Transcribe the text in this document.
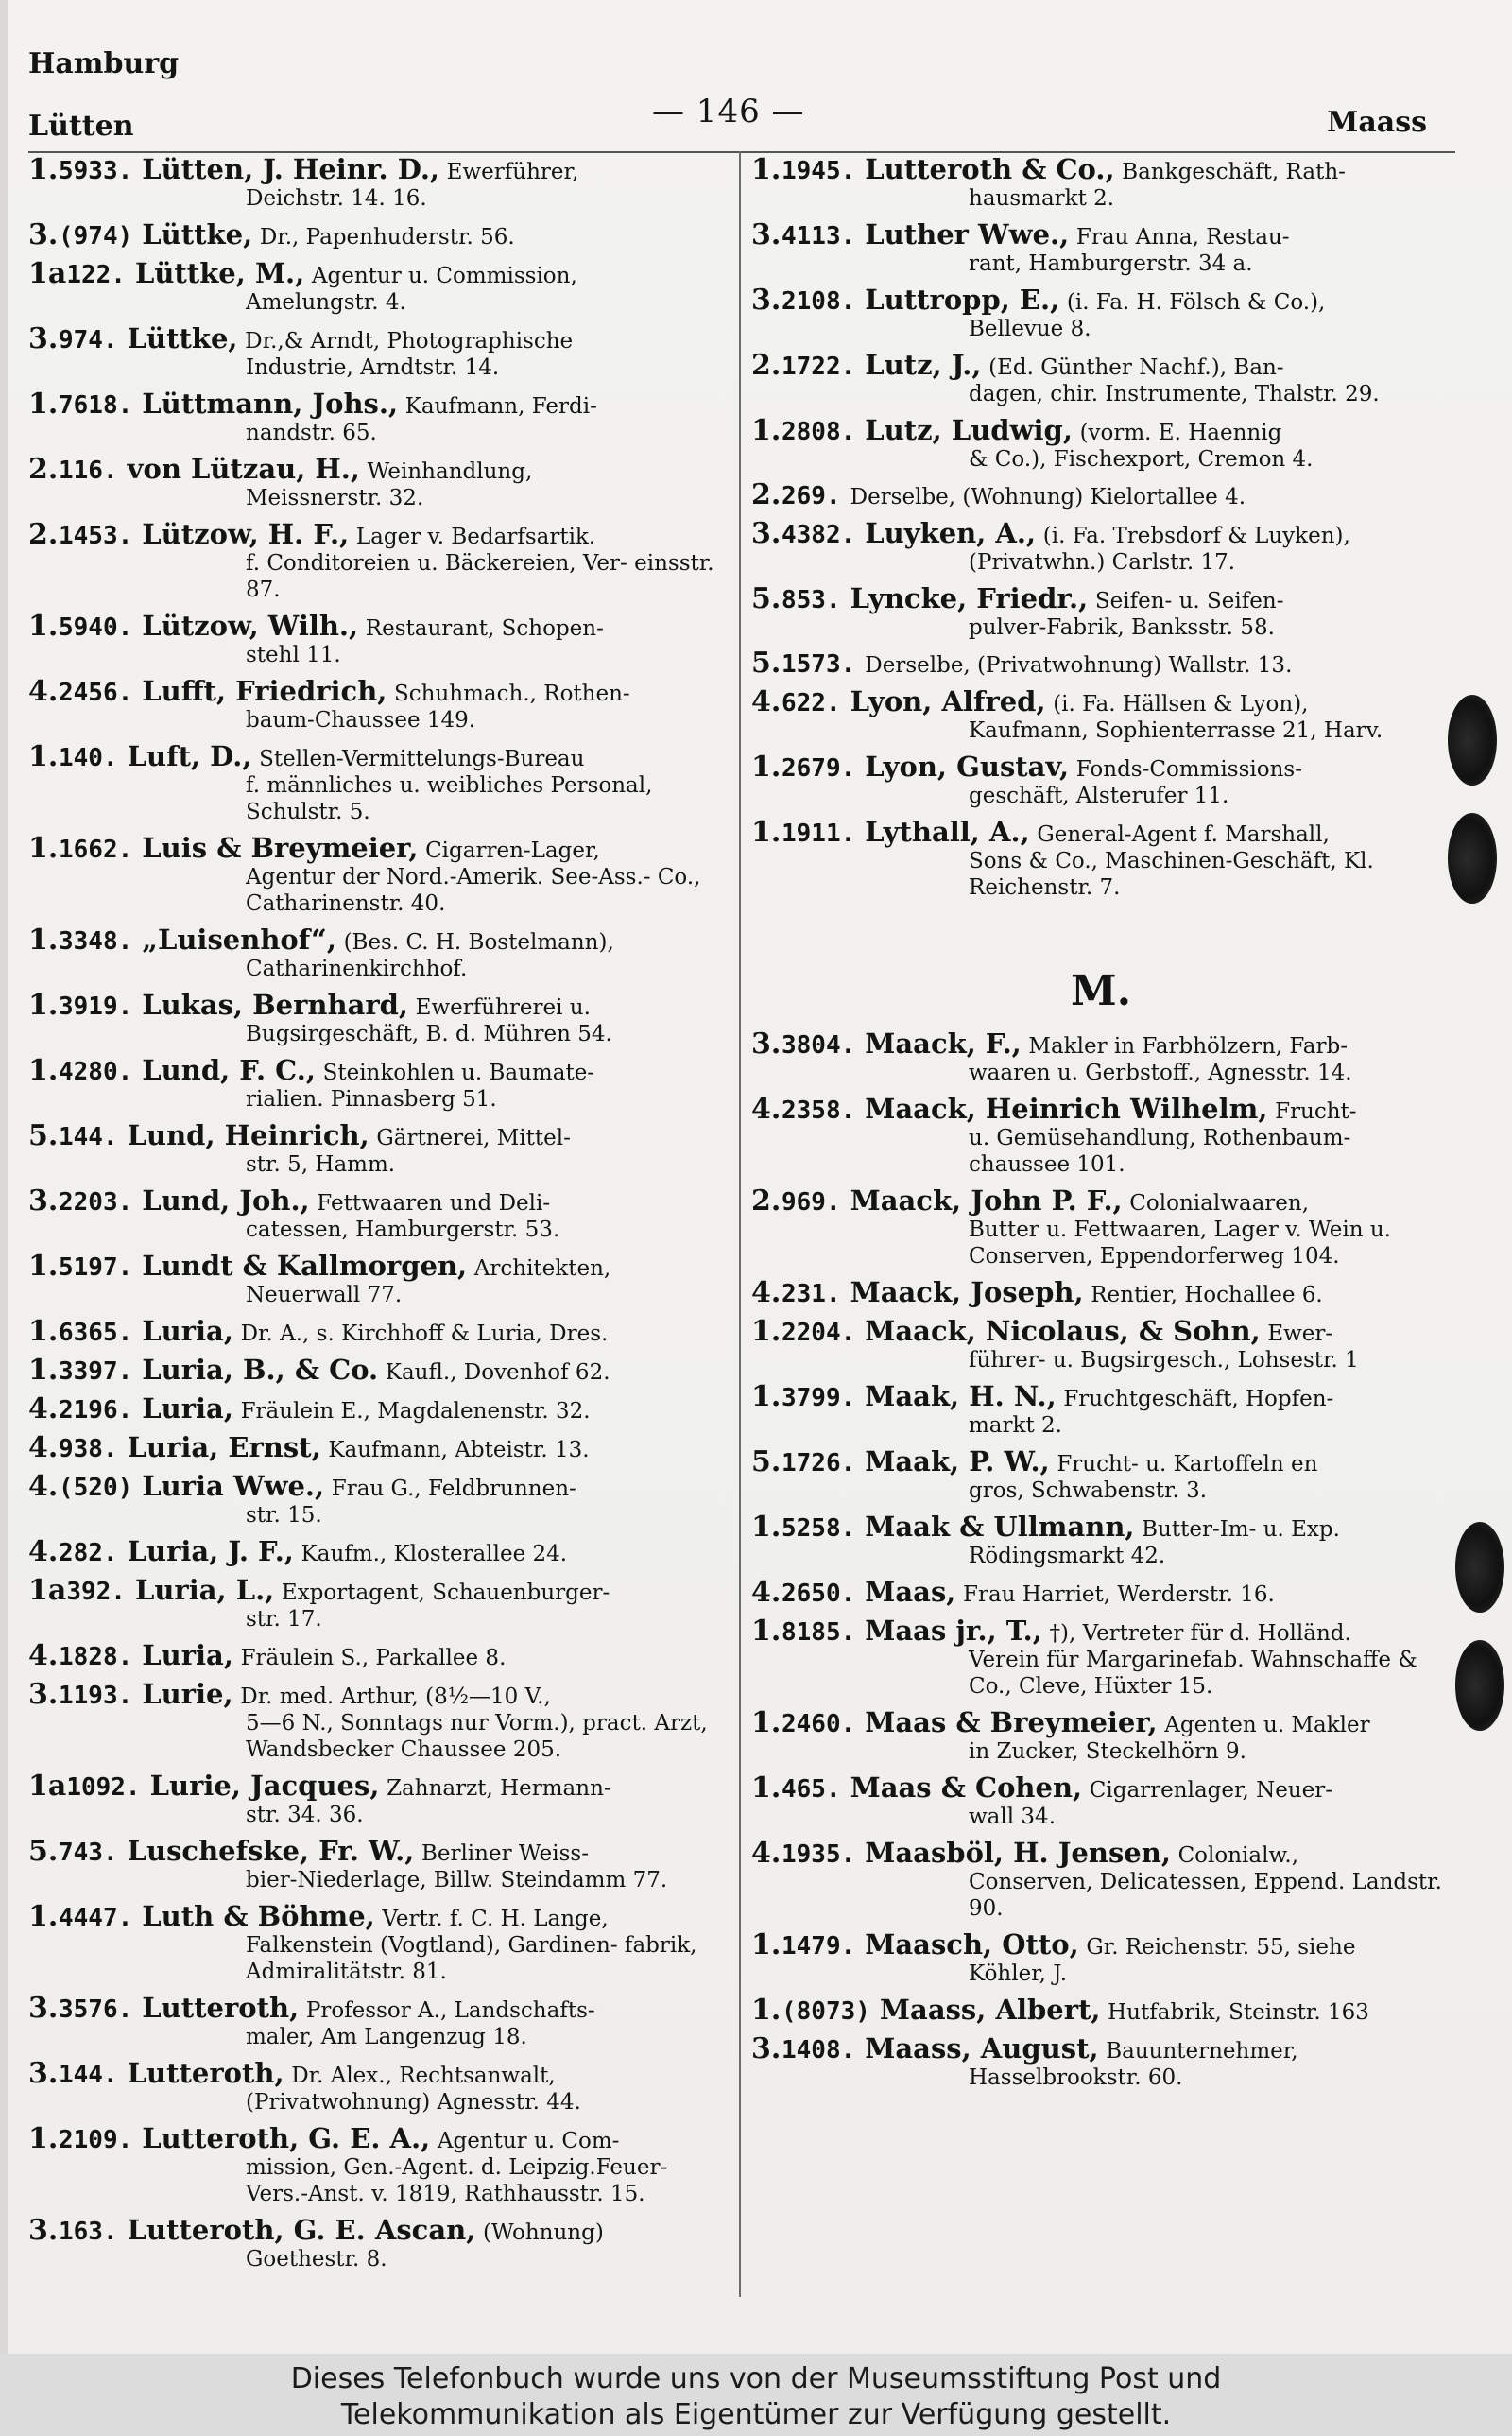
Hamburg
Lütten	— 146 —	Maass
1.5933. Lütten, J. Heinr. D., Ewerführer,
Deichstr. 14. 16.
3.(974) Lüttke, Dr., Papenhuderstr. 56.
1a122. Lüttke, M., Agentur u. Commission,
Amelungstr. 4.
3.974. Lüttke, Dr.,& Arndt, Photographische
Industrie, Arndtstr. 14.
1.7618. Lüttmann, Johs., Kaufmann, Ferdi-
nandstr. 65.
2.116. von Lützau, H., Weinhandlung,
Meissnerstr. 32.
2.1453. Lützow, H. F., Lager v. Bedarfsartik.
f. Conditoreien u. Bäckereien, Ver- einsstr. 87.
1.5940. Lützow, Wilh., Restaurant, Schopen-
stehl 11.
4.2456. Lufft, Friedrich, Schuhmach., Rothen-
baum-Chaussee 149.
1.140. Luft, D., Stellen-Vermittelungs-Bureau
f. männliches u. weibliches Personal, Schulstr. 5.
1.1662. Luis & Breymeier, Cigarren-Lager,
Agentur der Nord.-Amerik. See-Ass.- Co., Catharinenstr. 40.
1.3348. „Luisenhof“, (Bes. C. H. Bostelmann),
Catharinenkirchhof.
1.3919. Lukas, Bernhard, Ewerführerei u.
Bugsirgeschäft, B. d. Mühren 54.
1.4280. Lund, F. C., Steinkohlen u. Baumate-
rialien. Pinnasberg 51.
5.144. Lund, Heinrich, Gärtnerei, Mittel-
str. 5, Hamm.
3.2203. Lund, Joh., Fettwaaren und Deli-
catessen, Hamburgerstr. 53.
1.5197. Lundt & Kallmorgen, Architekten,
Neuerwall 77.
1.6365. Luria, Dr. A., s. Kirchhoff & Luria, Dres.
1.3397. Luria, B., & Co. Kaufl., Dovenhof 62.
4.2196. Luria, Fräulein E., Magdalenenstr. 32.
4.938. Luria, Ernst, Kaufmann, Abteistr. 13.
4.(520) Luria Wwe., Frau G., Feldbrunnen-
str. 15.
4.282. Luria, J. F., Kaufm., Klosterallee 24.
1a392. Luria, L., Exportagent, Schauenburger-
str. 17.
4.1828. Luria, Fräulein S., Parkallee 8.
3.1193. Lurie, Dr. med. Arthur, (8½—10 V.,
5—6 N., Sonntags nur Vorm.), pract. Arzt, Wandsbecker Chaussee 205.
1a1092. Lurie, Jacques, Zahnarzt, Hermann-
str. 34. 36.
5.743. Luschefske, Fr. W., Berliner Weiss-
bier-Niederlage, Billw. Steindamm 77.
1.4447. Luth & Böhme, Vertr. f. C. H. Lange,
Falkenstein (Vogtland), Gardinen- fabrik, Admiralitätstr. 81.
3.3576. Lutteroth, Professor A., Landschafts-
maler, Am Langenzug 18.
3.144. Lutteroth, Dr. Alex., Rechtsanwalt,
(Privatwohnung) Agnesstr. 44.
1.2109. Lutteroth, G. E. A., Agentur u. Com-
mission, Gen.-Agent. d. Leipzig.Feuer- Vers.-Anst. v. 1819, Rathhausstr. 15.
3.163. Lutteroth, G. E. Ascan, (Wohnung)
Goethestr. 8.
1.1945. Lutteroth & Co., Bankgeschäft, Rath-
hausmarkt 2.
3.4113. Luther Wwe., Frau Anna, Restau-
rant, Hamburgerstr. 34 a.
3.2108. Luttropp, E., (i. Fa. H. Fölsch & Co.),
Bellevue 8.
2.1722. Lutz, J., (Ed. Günther Nachf.), Ban-
dagen, chir. Instrumente, Thalstr. 29.
1.2808. Lutz, Ludwig, (vorm. E. Haennig
& Co.), Fischexport, Cremon 4.
2.269. Derselbe, (Wohnung) Kielortallee 4.
3.4382. Luyken, A., (i. Fa. Trebsdorf & Luyken),
(Privatwhn.) Carlstr. 17.
5.853. Lyncke, Friedr., Seifen- u. Seifen-
pulver-Fabrik, Banksstr. 58.
5.1573. Derselbe, (Privatwohnung) Wallstr. 13.
4.622. Lyon, Alfred, (i. Fa. Hällsen & Lyon),
Kaufmann, Sophienterrasse 21, Harv.
1.2679. Lyon, Gustav, Fonds-Commissions-
geschäft, Alsterufer 11.
1.1911. Lythall, A., General-Agent f. Marshall,
Sons & Co., Maschinen-Geschäft, Kl. Reichenstr. 7.
M.
3.3804. Maack, F., Makler in Farbhölzern, Farb-
waaren u. Gerbstoff., Agnesstr. 14.
4.2358. Maack, Heinrich Wilhelm, Frucht-
u. Gemüsehandlung, Rothenbaum- chaussee 101.
2.969. Maack, John P. F., Colonialwaaren,
Butter u. Fettwaaren, Lager v. Wein u. Conserven, Eppendorferweg 104.
4.231. Maack, Joseph, Rentier, Hochallee 6.
1.2204. Maack, Nicolaus, & Sohn, Ewer-
führer- u. Bugsirgesch., Lohsestr. 1
1.3799. Maak, H. N., Fruchtgeschäft, Hopfen-
markt 2.
5.1726. Maak, P. W., Frucht- u. Kartoffeln en
gros, Schwabenstr. 3.
1.5258. Maak & Ullmann, Butter-Im- u. Exp.
Rödingsmarkt 42.
4.2650. Maas, Frau Harriet, Werderstr. 16.
1.8185. Maas jr., T., †), Vertreter für d. Holländ.
Verein für Margarinefab. Wahnschaffe & Co., Cleve, Hüxter 15.
1.2460. Maas & Breymeier, Agenten u. Makler
in Zucker, Steckelhörn 9.
1.465. Maas & Cohen, Cigarrenlager, Neuer-
wall 34.
4.1935. Maasböl, H. Jensen, Colonialw.,
Conserven, Delicatessen, Eppend. Landstr. 90.
1.1479. Maasch, Otto, Gr. Reichenstr. 55, siehe
Köhler, J.
1.(8073) Maass, Albert, Hutfabrik, Steinstr. 163
3.1408. Maass, August, Bauunternehmer,
Hasselbrookstr. 60.
Dieses Telefonbuch wurde uns von der Museumsstiftung Post und
Telekommunikation als Eigentümer zur Verfügung gestellt.
